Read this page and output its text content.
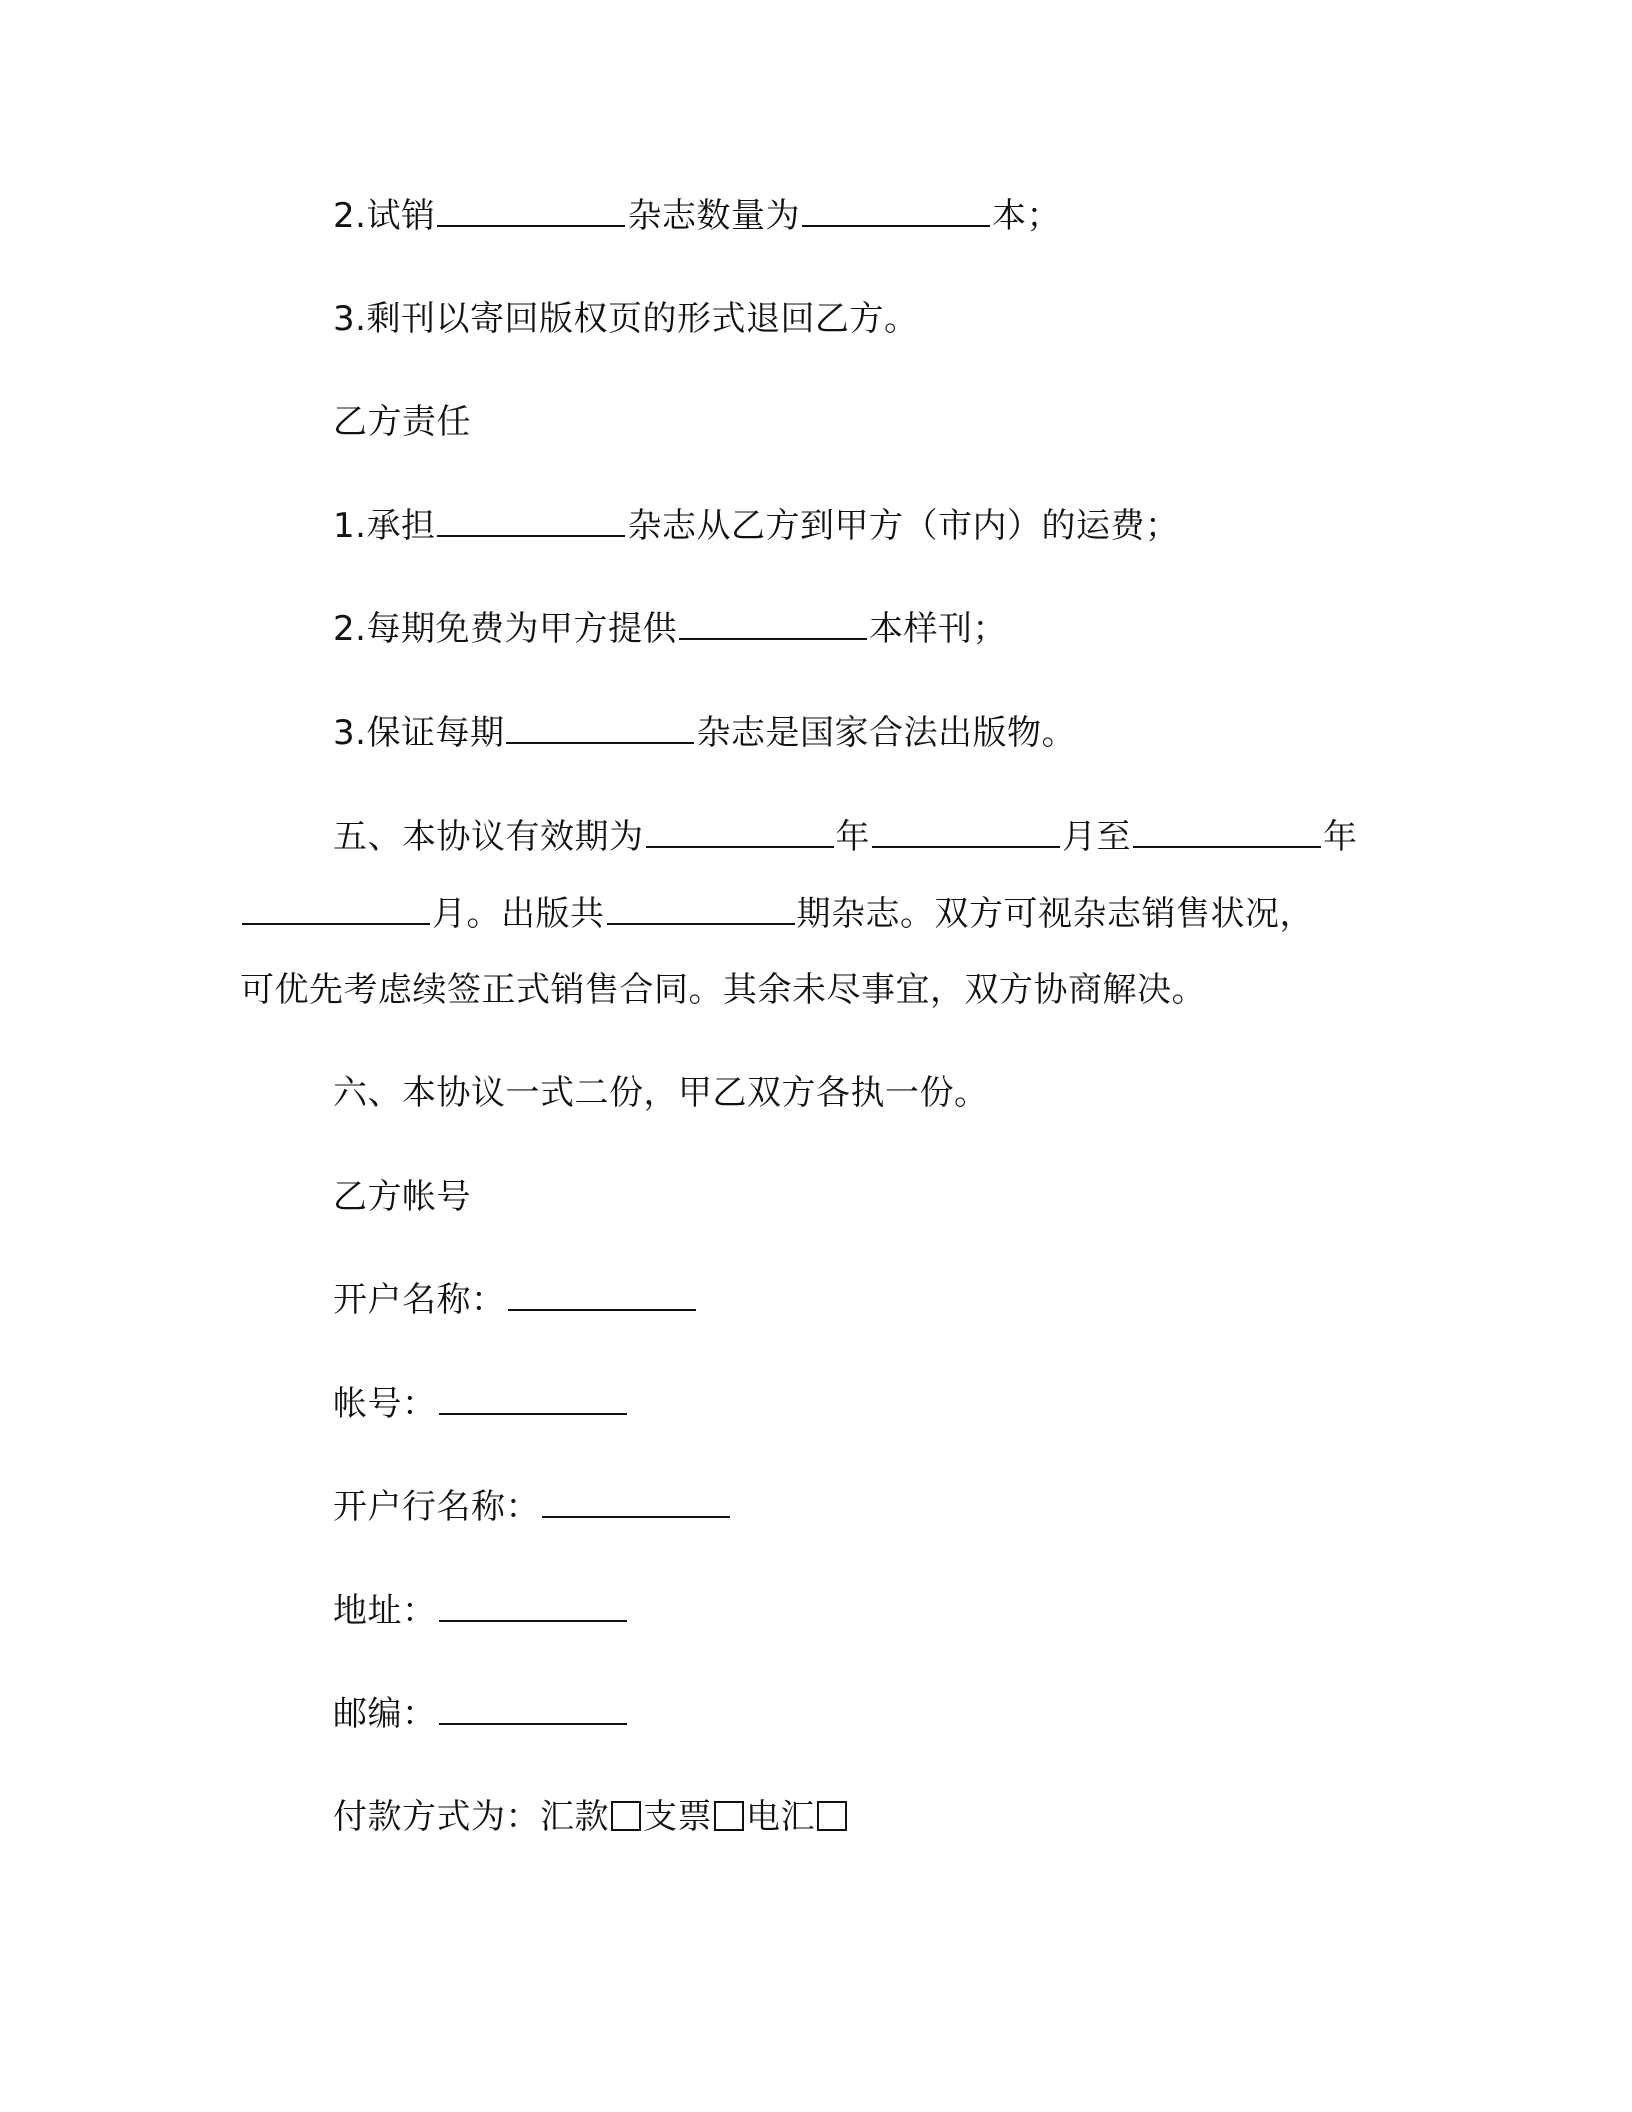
2.试销	杂志数量为	本；
3.剩刊以寄回版权页的形式退回乙方。
乙方责任
1.承担	杂志从乙方到甲方（市内）的运费；
2.每期免费为甲方提供	本样刊；
3.保证每期	杂志是国家合法出版物。
五、本协议有效期为	年	月至	年
月。出版共	期杂志。双方可视杂志销售状况，
可优先考虑续签正式销售合同。其余未尽事宜，双方协商解决。
六、本协议一式二份，甲乙双方各执一份。
乙方帐号
开户名称：
帐号：
开户行名称：
地址：
邮编：
付款方式为：汇款 支票 电汇
